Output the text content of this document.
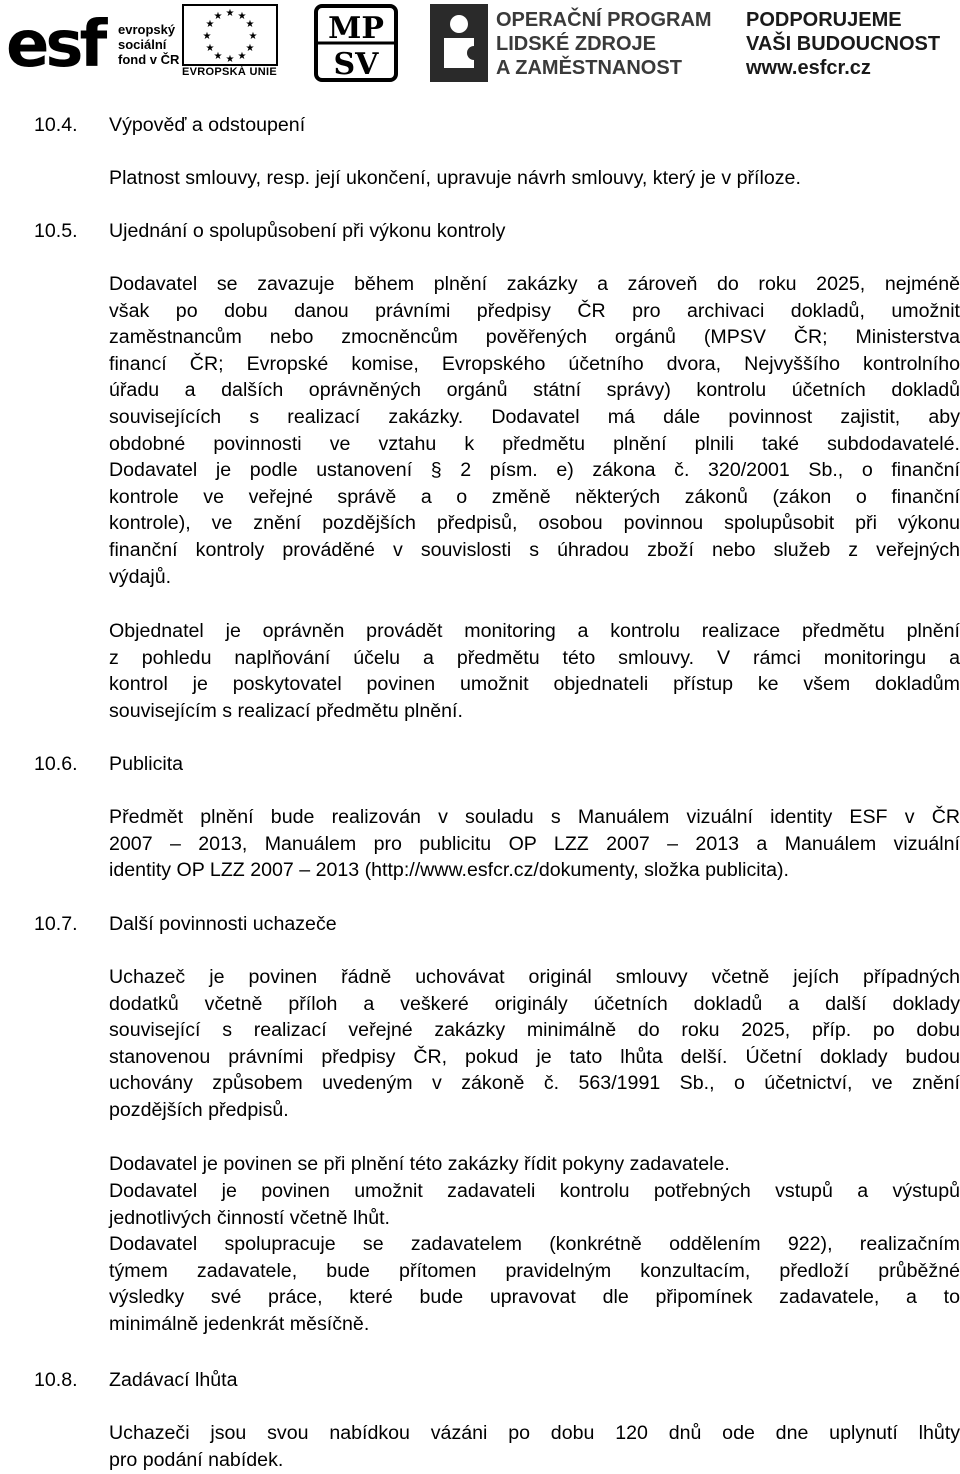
esf evropský
sociální
fond v ČR
★ ★
★
★
★
★
★
★
★
★
★
★
EVROPSKÁ UNIE
MP
SV
OPERAČNÍ PROGRAM
LIDSKÉ ZDROJE
A ZAMĚSTNANOST
PODPORUJEME
VAŠI BUDOUCNOST
www.esfcr.cz
10.4. Výpověď a odstoupení
Platnost smlouvy, resp. její ukončení, upravuje návrh smlouvy, který je v příloze.
10.5. Ujednání o spolupůsobení při výkonu kontroly
Dodavatel se zavazuje během plnění zakázky a zároveň do roku 2025, nejméně
však po dobu danou právními předpisy ČR pro archivaci dokladů, umožnit
zaměstnancům nebo zmocněncům pověřených orgánů (MPSV ČR; Ministerstva
financí ČR; Evropské komise, Evropského účetního dvora, Nejvyššího kontrolního
úřadu a dalších oprávněných orgánů státní správy) kontrolu účetních dokladů
souvisejících s realizací zakázky. Dodavatel má dále povinnost zajistit, aby
obdobné povinnosti ve vztahu k předmětu plnění plnili také subdodavatelé.
Dodavatel je podle ustanovení § 2 písm. e) zákona č. 320/2001 Sb., o finanční
kontrole ve veřejné správě a o změně některých zákonů (zákon o finanční
kontrole), ve znění pozdějších předpisů, osobou povinnou spolupůsobit při výkonu
finanční kontroly prováděné v souvislosti s úhradou zboží nebo služeb z veřejných
výdajů.
Objednatel je oprávněn provádět monitoring a kontrolu realizace předmětu plnění
z pohledu naplňování účelu a předmětu této smlouvy. V rámci monitoringu a
kontrol je poskytovatel povinen umožnit objednateli přístup ke všem dokladům
souvisejícím s realizací předmětu plnění.
10.6. Publicita
Předmět plnění bude realizován v souladu s Manuálem vizuální identity ESF v ČR
2007 – 2013, Manuálem pro publicitu OP LZZ 2007 – 2013 a Manuálem vizuální
identity OP LZZ 2007 – 2013 (http://www.esfcr.cz/dokumenty, složka publicita).
10.7. Další povinnosti uchazeče
Uchazeč je povinen řádně uchovávat originál smlouvy včetně jejích případných
dodatků včetně příloh a veškeré originály účetních dokladů a další doklady
související s realizací veřejné zakázky minimálně do roku 2025, příp. po dobu
stanovenou právními předpisy ČR, pokud je tato lhůta delší. Účetní doklady budou
uchovány způsobem uvedeným v zákoně č. 563/1991 Sb., o účetnictví, ve znění
pozdějších předpisů.
Dodavatel je povinen se při plnění této zakázky řídit pokyny zadavatele.
Dodavatel je povinen umožnit zadavateli kontrolu potřebných vstupů a výstupů
jednotlivých činností včetně lhůt.
Dodavatel spolupracuje se zadavatelem (konkrétně oddělením 922), realizačním
týmem zadavatele, bude přítomen pravidelným konzultacím, předloží průběžné
výsledky své práce, které bude upravovat dle připomínek zadavatele, a to
minimálně jedenkrát měsíčně.
10.8. Zadávací lhůta
Uchazeči jsou svou nabídkou vázáni po dobu 120 dnů ode dne uplynutí lhůty
pro podání nabídek.
